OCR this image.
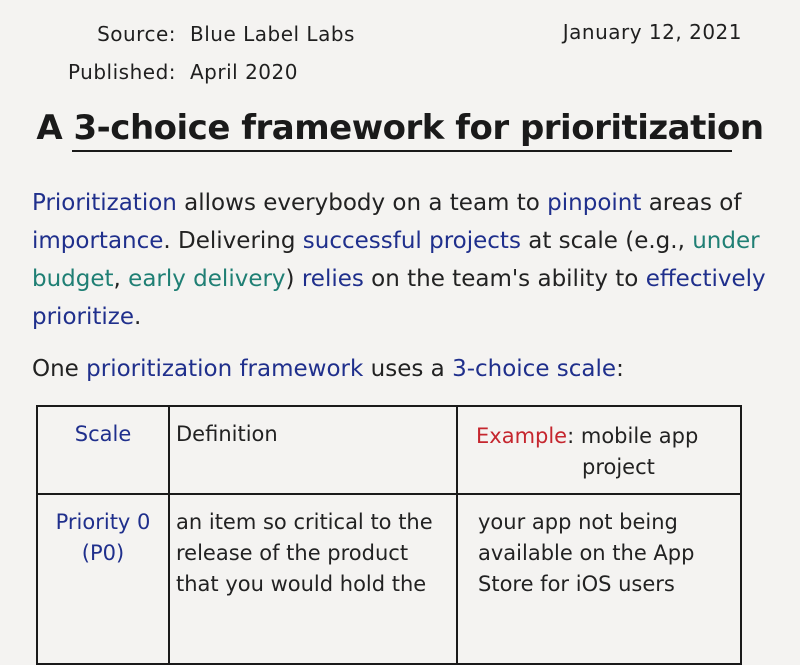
Source: Blue Label Labs
Published: April 2020
January 12, 2021
A 3-choice framework for prioritization
Prioritization allows everybody on a team to pinpoint areas of importance. Delivering successful projects at scale (e.g., under budget, early delivery) relies on the team's ability to effectively prioritize.
One prioritization framework uses a 3-choice scale:
Scale	Definition	Example: mobile app
project
Priority 0
(P0)
an item so critical to the release of the product that you would hold the
your app not being available on the App Store for iOS users
